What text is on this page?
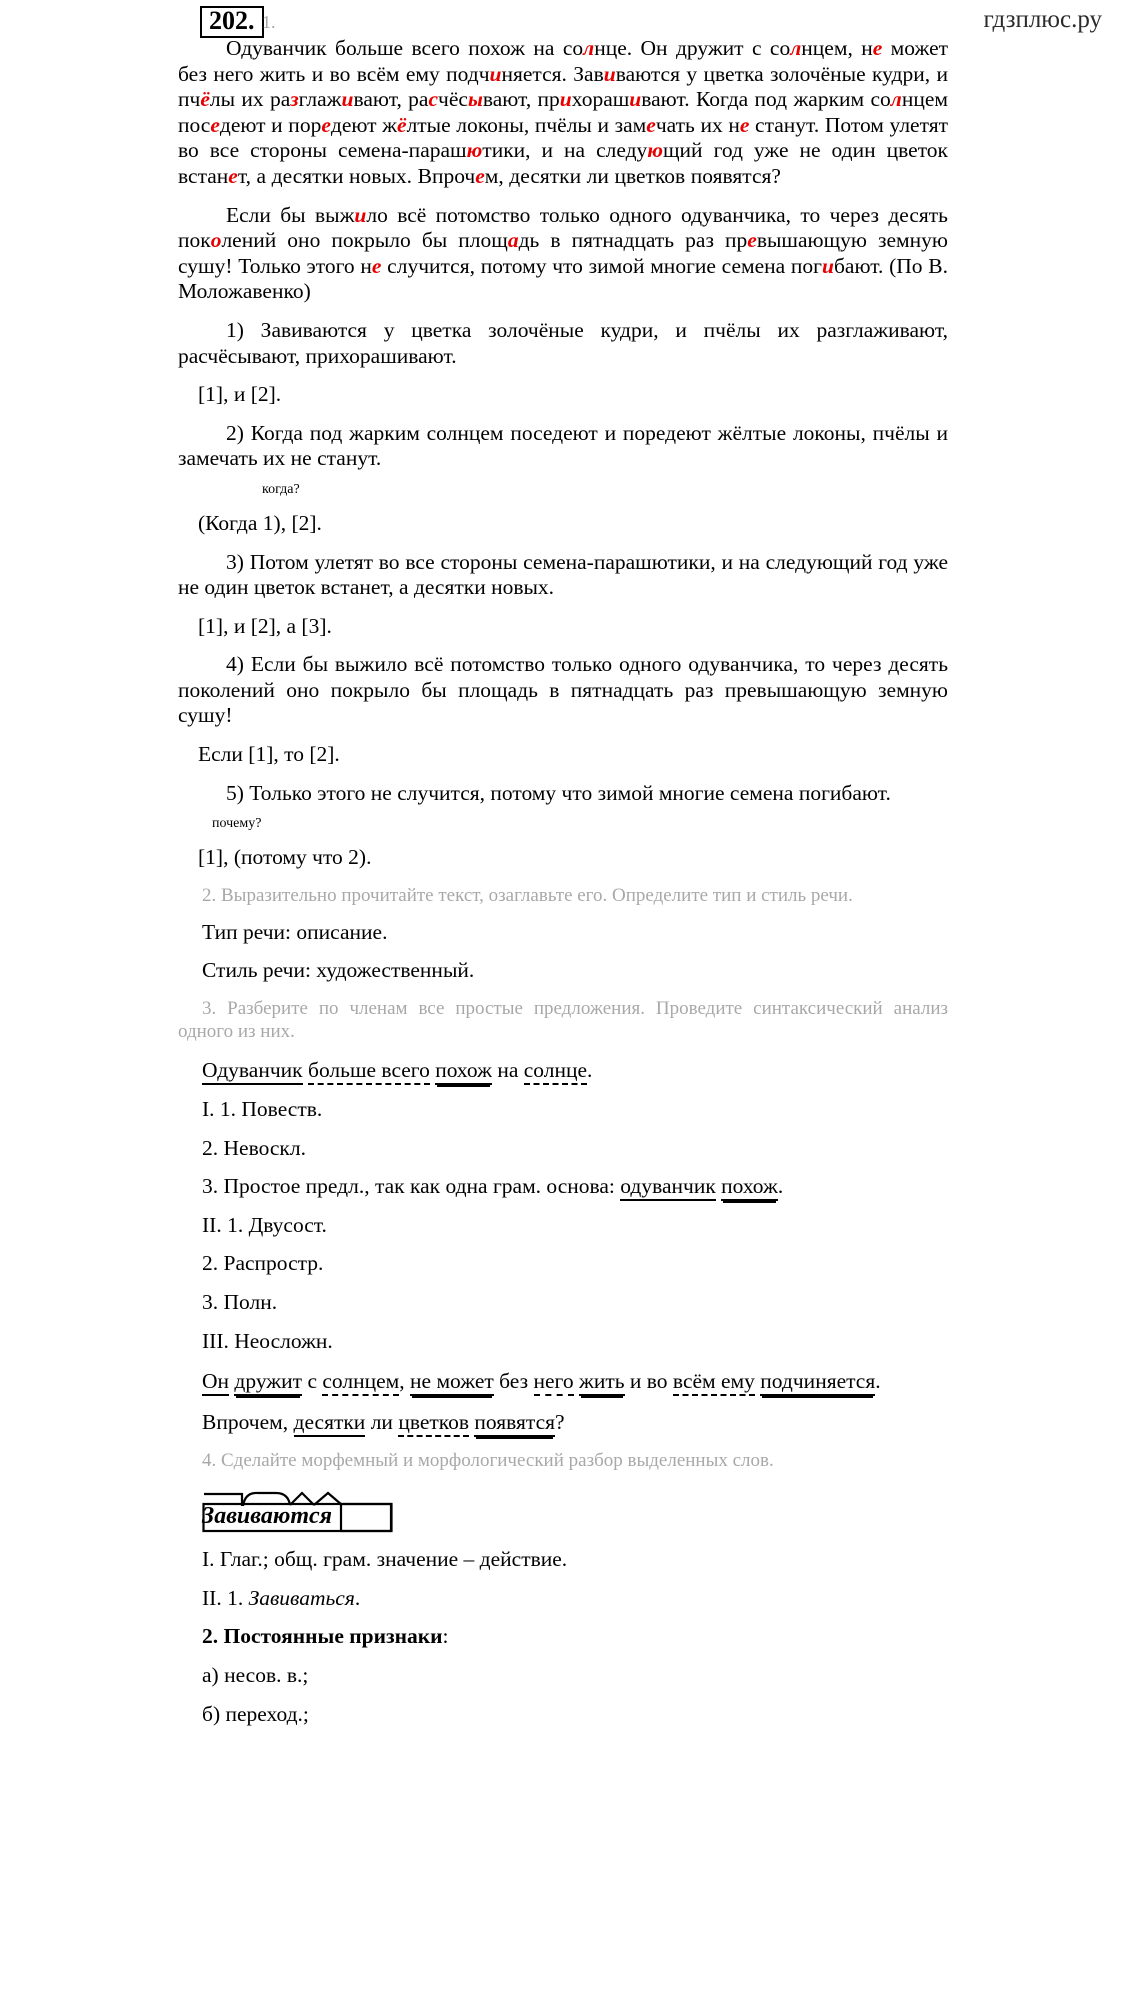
202. 1.	гдзплюс.ру

Одуванчик больше всего похож на солнце. Он дружит с солнцем, не может без него жить и во всём ему подчиняется. Завиваются у цветка золочёные кудри, и пчёлы их разглаживают, расчёсывают, прихорашивают. Когда под жарким солнцем поседеют и поредеют жёлтые локоны, пчёлы и замечать их не станут. Потом улетят во все стороны семена-парашютики, и на следующий год уже не один цветок встанет, а десятки новых. Впрочем, десятки ли цветков появятся?

Если бы выжило всё потомство только одного одуванчика, то через десять поколений оно покрыло бы площадь в пятнадцать раз превышающую земную сушу! Только этого не случится, потому что зимой многие семена погибают. (По В. Моложавенко)

1) Завиваются у цветка золочёные кудри, и пчёлы их разглаживают, расчёсывают, прихорашивают.

[1], и [2].

2) Когда под жарким солнцем поседеют и поредеют жёлтые локоны, пчёлы и замечать их не станут.

когда?

(Когда 1), [2].

3) Потом улетят во все стороны семена-парашютики, и на следующий год уже не один цветок встанет, а десятки новых.

[1], и [2], а [3].

4) Если бы выжило всё потомство только одного одуванчика, то через десять поколений оно покрыло бы площадь в пятнадцать раз превышающую земную сушу!

Если [1], то [2].

5) Только этого не случится, потому что зимой многие семена погибают.

почему?

[1], (потому что 2).

2. Выразительно прочитайте текст, озаглавьте его. Определите тип и стиль речи.

Тип речи: описание.

Стиль речи: художественный.

3. Разберите по членам все простые предложения. Проведите синтаксический анализ одного из них.

Одуванчик больше всего похож на солнце.

I. 1. Повеств.

2. Невоскл.

3. Простое предл., так как одна грам. основа: одуванчик похож.

II. 1. Двусост.

2. Распростр.

3. Полн.

III. Неосложн.

Он дружит с солнцем, не может без него жить и во всём ему подчиняется.

Впрочем, десятки ли цветков появятся?

4. Сделайте морфемный и морфологический разбор выделенных слов.

Завиваются

I. Глаг.; общ. грам. значение – действие.

II. 1. Завиваться.

2. Постоянные признаки:

а) несов. в.;

б) переход.;
